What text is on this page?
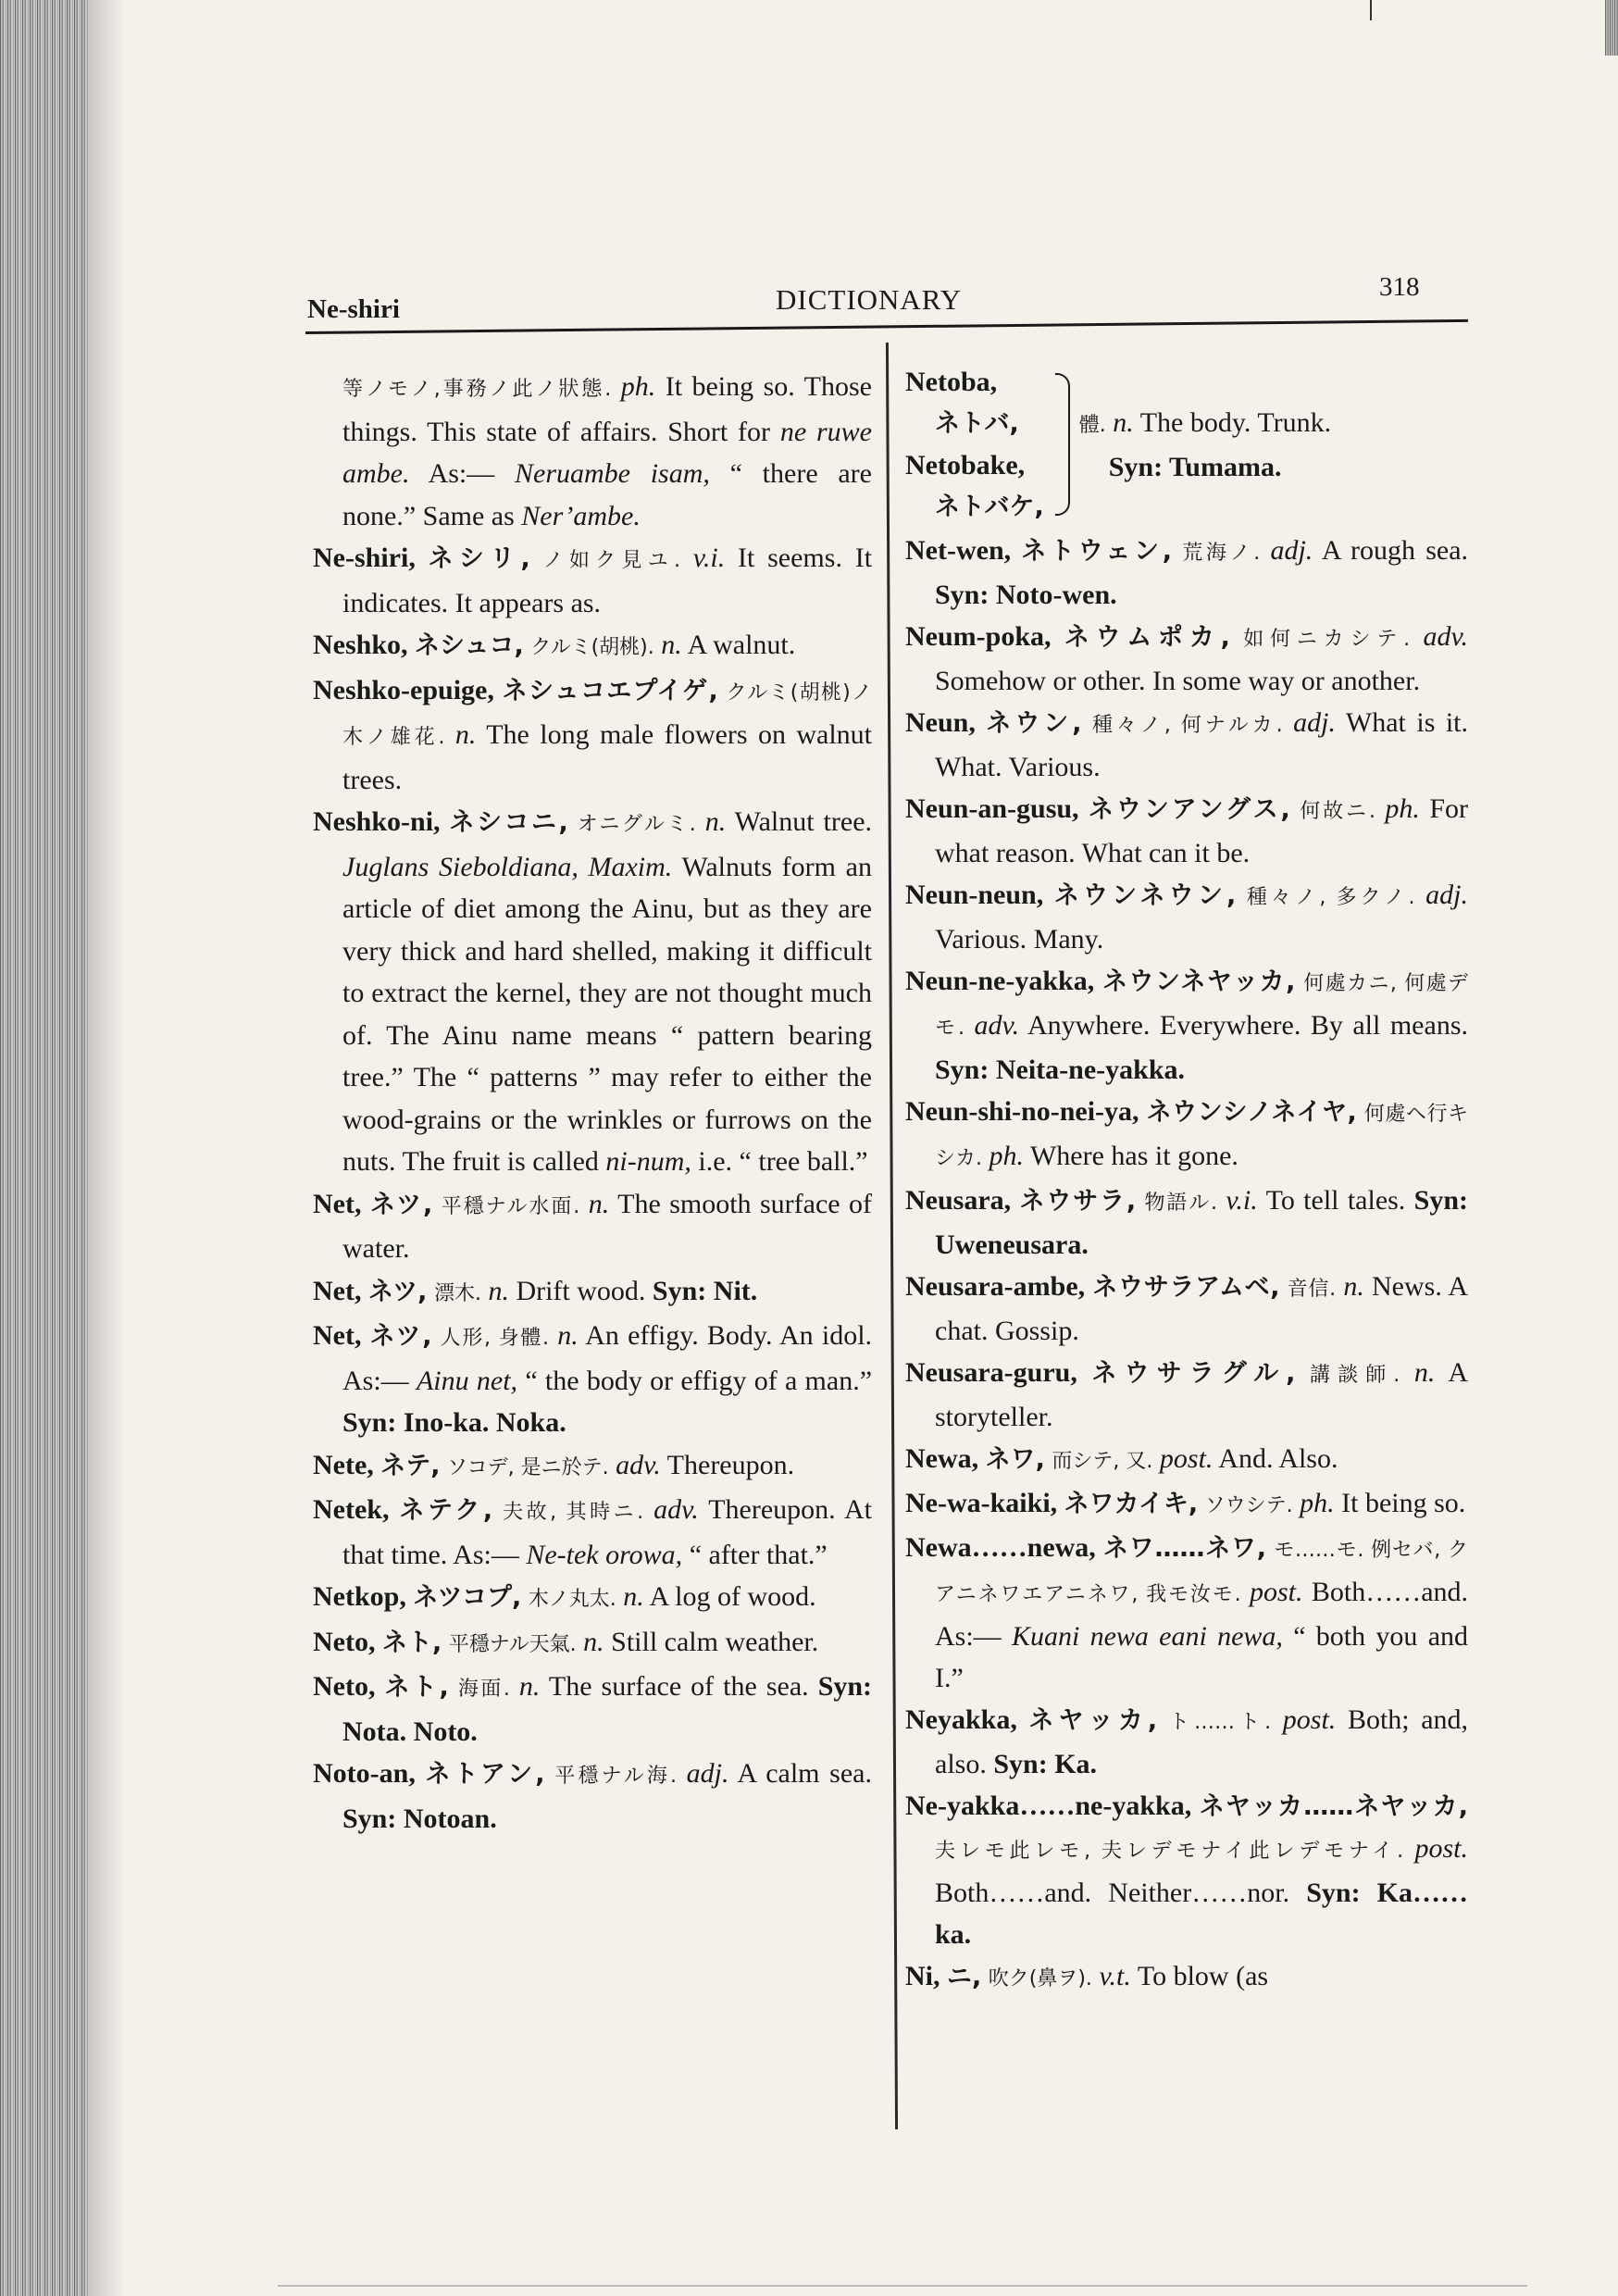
Ne-shiri	DICTIONARY	318

等ノモノ,事務ノ此ノ狀態. ph. It being so. Those things. This state of affairs. Short for ne ruwe ambe. As:— Neruambe isam, “ there are none.” Same as Ner’ambe.

Ne-shiri, ネシリ, ノ如ク見ユ. v.i. It seems. It indicates. It appears as.

Neshko, ネシュコ, クルミ(胡桃). n. A walnut.

Neshko-epuige, ネシュコエプイゲ, クルミ(胡桃)ノ木ノ雄花. n. The long male flowers on walnut trees.

Neshko-ni, ネシコニ, オニグルミ. n. Walnut tree. Juglans Sieboldiana, Maxim. Walnuts form an article of diet among the Ainu, but as they are very thick and hard shelled, making it difficult to extract the kernel, they are not thought much of. The Ainu name means “ pattern bearing tree.” The “ patterns ” may refer to either the wood-grains or the wrinkles or furrows on the nuts. The fruit is called ni-num, i.e. “ tree ball.”

Net, ネツ, 平穩ナル水面. n. The smooth surface of water.

Net, ネツ, 漂木. n. Drift wood. Syn: Nit.

Net, ネツ, 人形, 身體. n. An effigy. Body. An idol. As:— Ainu net, “ the body or effigy of a man.” Syn: Ino-ka. Noka.

Nete, ネテ, ソコデ, 是ニ於テ. adv. Thereupon.

Netek, ネテク, 夫故, 其時ニ. adv. Thereupon. At that time. As:— Ne-tek orowa, “ after that.”

Netkop, ネツコプ, 木ノ丸太. n. A log of wood.

Neto, ネト, 平穩ナル天氣. n. Still calm weather.

Neto, ネト, 海面. n. The surface of the sea. Syn: Nota. Noto.

Noto-an, ネトアン, 平穩ナル海. adj. A calm sea. Syn: Notoan.

Netoba,
ネトバ,
Netobake,
ネトバケ,
體. n. The body. Trunk.
Syn: Tumama.

Net-wen, ネトウェン, 荒海ノ. adj. A rough sea. Syn: Noto-wen.

Neum-poka, ネウムポカ, 如何ニカシテ. adv. Somehow or other. In some way or another.

Neun, ネウン, 種々ノ, 何ナルカ. adj. What is it. What. Various.

Neun-an-gusu, ネウンアングス, 何故ニ. ph. For what reason. What can it be.

Neun-neun, ネウンネウン, 種々ノ, 多クノ. adj. Various. Many.

Neun-ne-yakka, ネウンネヤッカ, 何處カニ, 何處デモ. adv. Anywhere. Everywhere. By all means. Syn: Neita-ne-yakka.

Neun-shi-no-nei-ya, ネウンシノネイヤ, 何處ヘ行キシカ. ph. Where has it gone.

Neusara, ネウサラ, 物語ル. v.i. To tell tales. Syn: Uweneusara.

Neusara-ambe, ネウサラアムベ, 音信. n. News. A chat. Gossip.

Neusara-guru, ネウサラグル, 講談師. n. A storyteller.

Newa, ネワ, 而シテ, 又. post. And. Also.

Ne-wa-kaiki, ネワカイキ, ソウシテ. ph. It being so.

Newa……newa, ネワ……ネワ, モ……モ. 例セバ, クアニネワエアニネワ, 我モ汝モ. post. Both……and. As:— Kuani newa eani newa, “ both you and I.”

Neyakka, ネヤッカ, ト……ト. post. Both; and, also. Syn: Ka.

Ne-yakka……ne-yakka, ネヤッカ……ネヤッカ, 夫レモ此レモ, 夫レデモナイ此レデモナイ. post. Both……and. Neither……nor. Syn: Ka……ka.

Ni, ニ, 吹ク(鼻ヲ). v.t. To blow (as
